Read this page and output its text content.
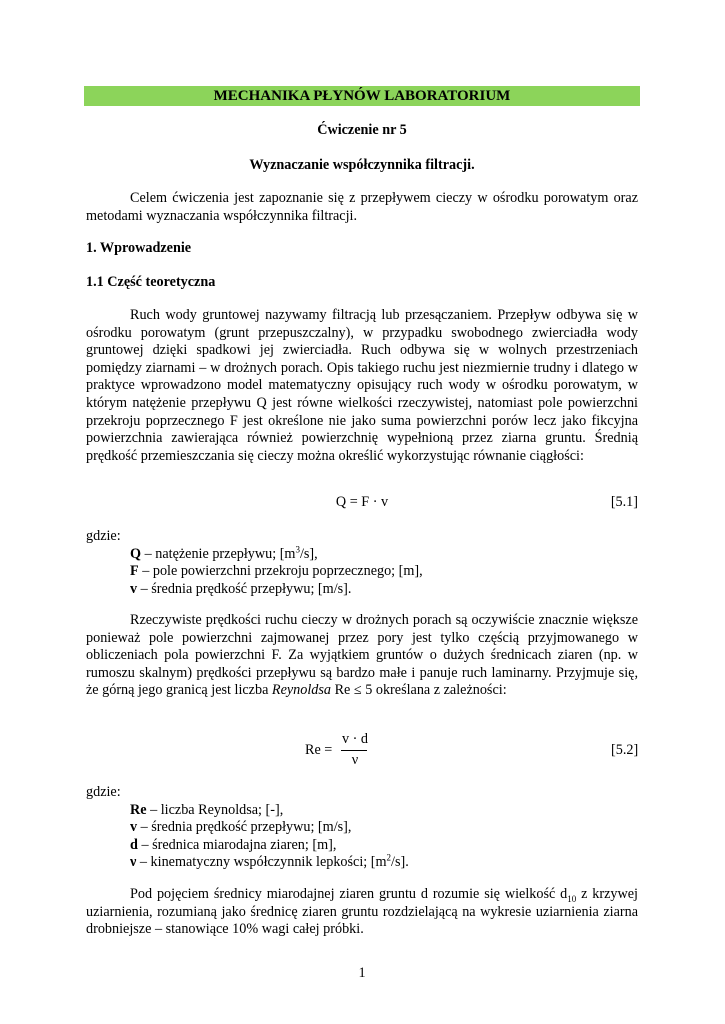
MECHANIKA PŁYNÓW LABORATORIUM
Ćwiczenie nr 5
Wyznaczanie współczynnika filtracji.
Celem ćwiczenia jest zapoznanie się z przepływem cieczy w ośrodku porowatym oraz metodami wyznaczania współczynnika filtracji.
1. Wprowadzenie
1.1 Część teoretyczna
Ruch wody gruntowej nazywamy filtracją lub przesączaniem. Przepływ odbywa się w ośrodku porowatym (grunt przepuszczalny), w przypadku swobodnego zwierciadła wody gruntowej dzięki spadkowi jej zwierciadła. Ruch odbywa się w wolnych przestrzeniach pomiędzy ziarnami – w drożnych porach. Opis takiego ruchu jest niezmiernie trudny i dlatego w praktyce wprowadzono model matematyczny opisujący ruch wody w ośrodku porowatym, w którym natężenie przepływu Q jest równe wielkości rzeczywistej, natomiast pole powierzchni przekroju poprzecznego F jest określone nie jako suma powierzchni porów lecz jako fikcyjna powierzchnia zawierająca również powierzchnię wypełnioną przez ziarna gruntu. Średnią prędkość przemieszczania się cieczy można określić wykorzystując równanie ciągłości:
Q = F · v	[5.1]
gdzie:
Q – natężenie przepływu; $[m^3/s]$,
F – pole powierzchni przekroju poprzecznego; [m],
v – średnia prędkość przepływu; [m/s].
Rzeczywiste prędkości ruchu cieczy w drożnych porach są oczywiście znacznie większe ponieważ pole powierzchni zajmowanej przez pory jest tylko częścią przyjmowanego w obliczeniach pola powierzchni F. Za wyjątkiem gruntów o dużych średnicach ziaren (np. w rumoszu skalnym) prędkości przepływu są bardzo małe i panuje ruch laminarny. Przyjmuje się, że górną jego granicą jest liczba Reynoldsa Re ≤ 5 określana z zależności:
Re =
v · d
ν
[5.2]
gdzie:
Re – liczba Reynoldsa; [-],
v – średnia prędkość przepływu; [m/s],
d – średnica miarodajna ziaren; [m],
ν – kinematyczny współczynnik lepkości; $[m^2/s]$.
Pod pojęciem średnicy miarodajnej ziaren gruntu d rozumie się wielkość $d_{10}$ z krzywej uziarnienia, rozumianą jako średnicę ziaren gruntu rozdzielającą na wykresie uziarnienia ziarna drobniejsze – stanowiące 10% wagi całej próbki.
1
